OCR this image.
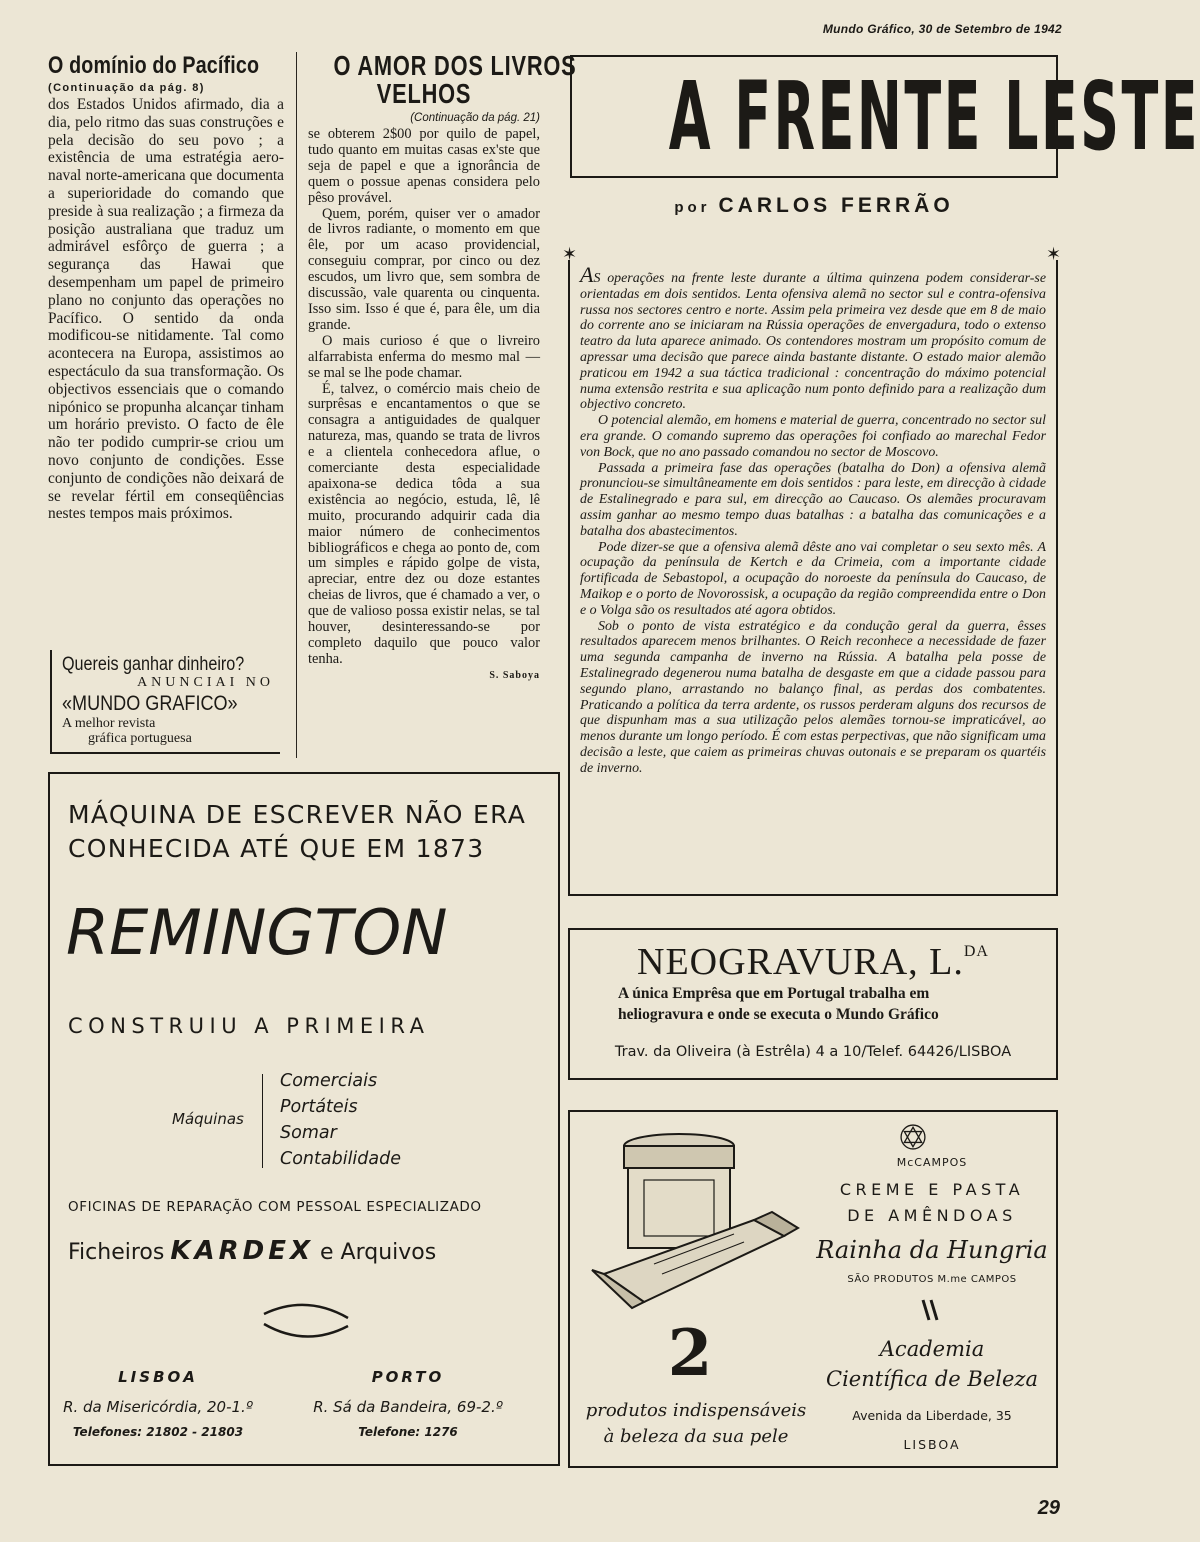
Mundo Gráfico, 30 de Setembro de 1942
O domínio do Pacífico
(Continuação da pág. 8)

dos Estados Unidos afirmado, dia a dia, pelo ritmo das suas construções e pela decisão do seu povo ; a existência de uma estratégia aero-naval norte-americana que documenta a superioridade do comando que preside à sua realização ; a firmeza da posição australiana que traduz um admirável esfôrço de guerra ; a segurança das Hawai que desempenham um papel de primeiro plano no conjunto das operações no Pacífico. O sentido da onda modificou-se nitidamente. Tal como acontecera na Europa, assistimos ao espectáculo da sua transformação. Os objectivos essenciais que o comando nipónico se propunha alcançar tinham um horário previsto. O facto de êle não ter podido cumprir-se criou um novo conjunto de condições. Esse conjunto de condições não deixará de se revelar fértil em conseqüências nestes tempos mais próximos.

Quereis ganhar dinheiro?
ANUNCIAI NO
«MUNDO GRAFICO»
A melhor revista
gráfica portuguesa
O AMOR DOS LIVROS
VELHOS
(Continuação da pág. 21)

se obterem 2$00 por quilo de papel, tudo quanto em muitas casas ex'ste que seja de papel e que a ignorância de quem o possue apenas considera pelo pêso provável.

Quem, porém, quiser ver o amador de livros radiante, o momento em que êle, por um acaso providencial, conseguiu comprar, por cinco ou dez escudos, um livro que, sem sombra de discussão, vale quarenta ou cinquenta. Isso sim. Isso é que é, para êle, um dia grande.

O mais curioso é que o livreiro alfarrabista enferma do mesmo mal —se mal se lhe pode chamar.

É, talvez, o comércio mais cheio de surprêsas e encantamentos o que se consagra a antiguidades de qualquer natureza, mas, quando se trata de livros e a clientela conhecedora aflue, o comerciante desta especialidade apaixona-se dedica tôda a sua existência ao negócio, estuda, lê, lê muito, procurando adquirir cada dia maior número de conhecimentos bibliográficos e chega ao ponto de, com um simples e rápido golpe de vista, apreciar, entre dez ou doze estantes cheias de livros, que é chamado a ver, o que de valioso possa existir nelas, se tal houver, desinteressando-se por completo daquilo que pouco valor tenha.

S. Saboya
A FRENTE LESTE
por CARLOS FERRÃO
✶	✶

AS operações na frente leste durante a última quinzena podem considerar-se orientadas em dois sentidos. Lenta ofensiva alemã no sector sul e contra-ofensiva russa nos sectores centro e norte. Assim pela primeira vez desde que em 8 de maio do corrente ano se iniciaram na Rússia operações de envergadura, todo o extenso teatro da luta aparece animado. Os contendores mostram um propósito comum de apressar uma decisão que parece ainda bastante distante. O estado maior alemão praticou em 1942 a sua táctica tradicional : concentração do máximo potencial numa extensão restrita e sua aplicação num ponto definido para a realização dum objectivo concreto.

O potencial alemão, em homens e material de guerra, concentrado no sector sul era grande. O comando supremo das operações foi confiado ao marechal Fedor von Bock, que no ano passado comandou no sector de Moscovo.

Passada a primeira fase das operações (batalha do Don) a ofensiva alemã pronunciou-se simultâneamente em dois sentidos : para leste, em direcção à cidade de Estalinegrado e para sul, em direcção ao Caucaso. Os alemães procuravam assim ganhar ao mesmo tempo duas batalhas : a batalha das comunicações e a batalha dos abastecimentos.

Pode dizer-se que a ofensiva alemã dêste ano vai completar o seu sexto mês. A ocupação da península de Kertch e da Crimeia, com a importante cidade fortificada de Sebastopol, a ocupação do noroeste da península do Caucaso, de Maikop e o porto de Novorossisk, a ocupação da região compreendida entre o Don e o Volga são os resultados até agora obtidos.

Sob o ponto de vista estratégico e da condução geral da guerra, êsses resultados aparecem menos brilhantes. O Reich reconhece a necessidade de fazer uma segunda campanha de inverno na Rússia. A batalha pela posse de Estalinegrado degenerou numa batalha de desgaste em que a cidade passou para segundo plano, arrastando no balanço final, as perdas dos combatentes. Praticando a política da terra ardente, os russos perderam alguns dos recursos de que dispunham mas a sua utilização pelos alemães tornou-se impraticável, ao menos durante um longo período. É com estas perpectivas, que não significam uma decisão a leste, que caiem as primeiras chuvas outonais e se preparam os quartéis de inverno.

MÁQUINA DE ESCREVER NÃO ERA
CONHECIDA ATÉ QUE EM 1873
REMINGTON
CONSTRUIU A PRIMEIRA
Máquinas
Comerciais
Portáteis
Somar
Contabilidade
OFICINAS DE REPARAÇÃO COM PESSOAL ESPECIALIZADO
Ficheiros KARDEX e Arquivos
LISBOA
R. da Misericórdia, 20-1.º
Telefones: 21802 - 21803
PORTO
R. Sá da Bandeira, 69-2.º
Telefone: 1276
NEOGRAVURA, L.$^{DA}$
A única Emprêsa que em Portugal trabalha em heliogravura e onde se executa o Mundo Gráfico
Trav. da Oliveira (à Estrêla) 4 a 10/Telef. 64426/LISBOA
McCAMPOS
CREME E PASTA
DE AMÊNDOAS
Rainha da Hungria
SÃO PRODUTOS M.me CAMPOS
Academia
Científica de Beleza
Avenida da Liberdade, 35
LISBOA
2
produtos indispensáveis
à beleza da sua pele
29
